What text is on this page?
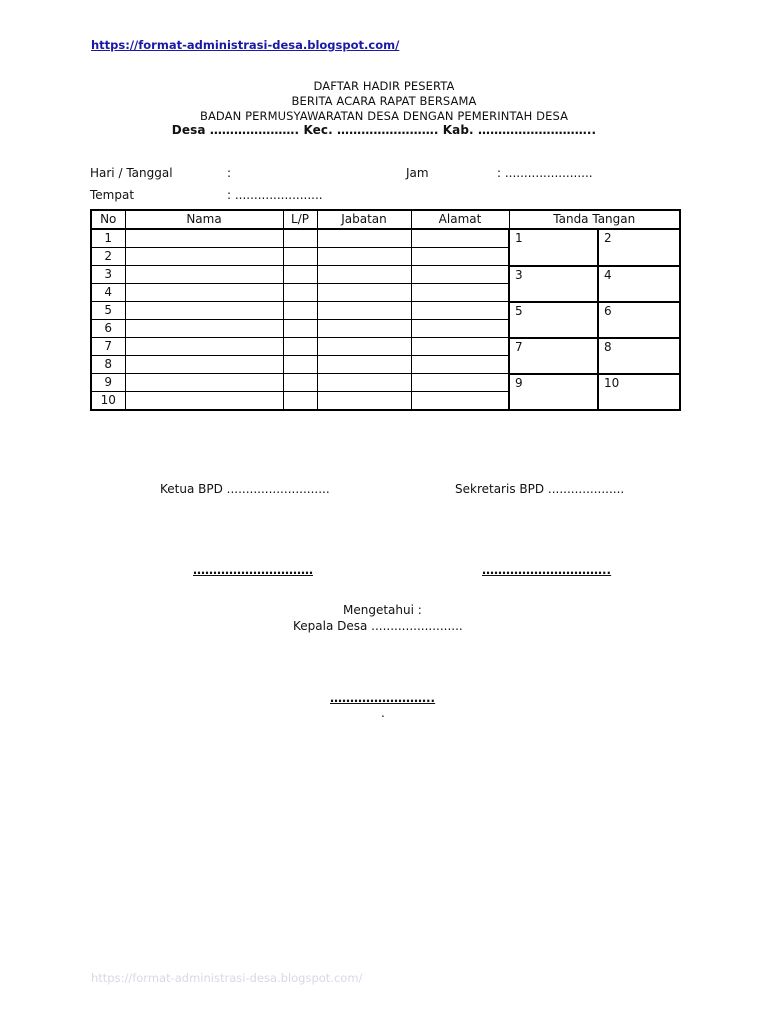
https://format-administrasi-desa.blogspot.com/
DAFTAR HADIR PESERTA
BERITA ACARA RAPAT BERSAMA
BADAN PERMUSYAWARATAN DESA DENGAN PEMERINTAH DESA
Desa …………………. Kec. ……………………. Kab. ………………………..
Hari / Tanggal	:	Jam	: .......................
Tempat	: .......................
No	Nama	L/P	Jabatan	Alamat	Tanda Tangan	
1					1	2
2						
3					3	4
4						
5					5	6
6						
7					7	8
8						
9					9	10
10						
Ketua BPD ...........................	Sekretaris BPD ....................
…………………………	…………………………..
Mengetahui :
Kepala Desa ........................
……………………..
.
https://format-administrasi-desa.blogspot.com/
